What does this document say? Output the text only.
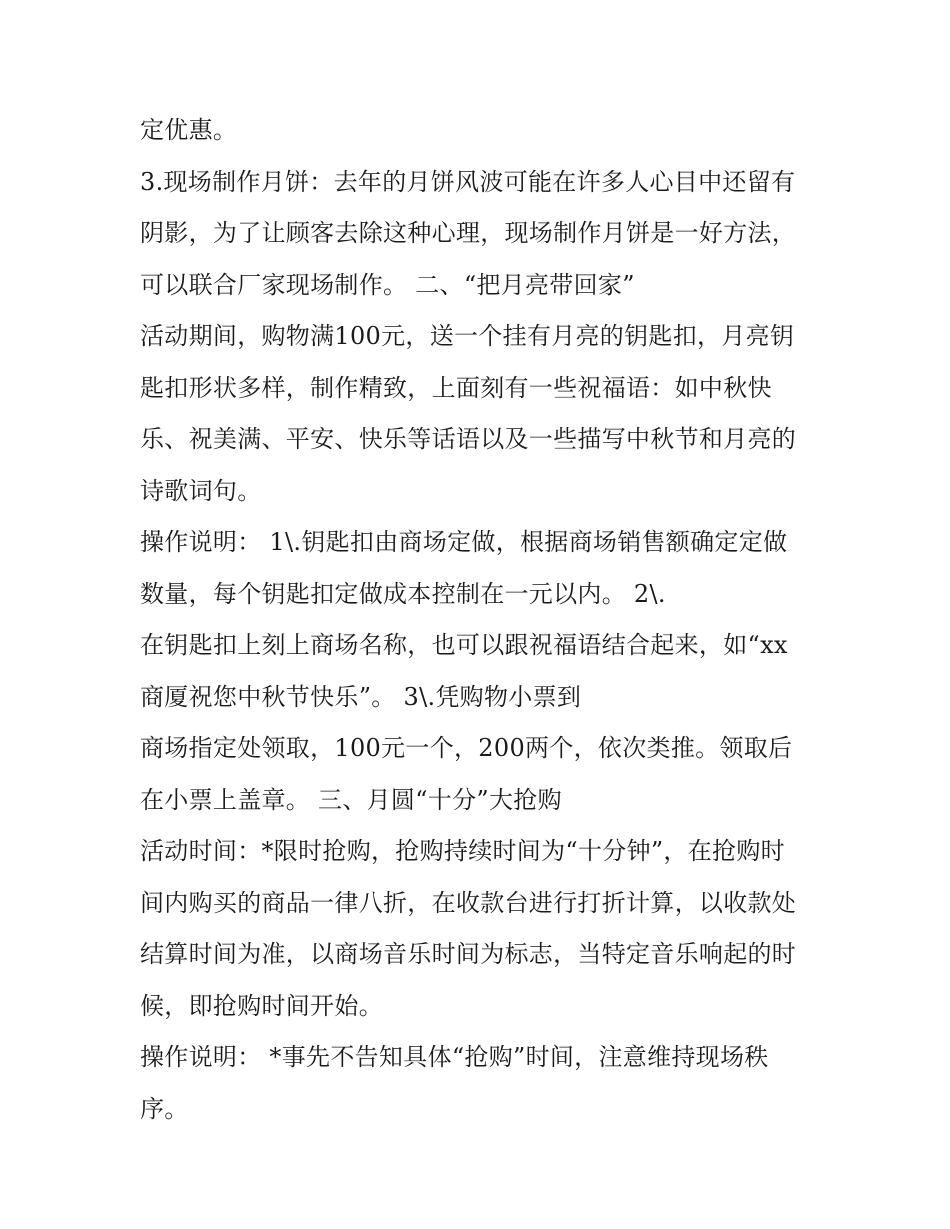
定优惠。
3.现场制作月饼：去年的月饼风波可能在许多人心目中还留有
阴影，为了让顾客去除这种心理，现场制作月饼是一好方法，
可以联合厂家现场制作。 二、“把月亮带回家”
活动期间，购物满100元，送一个挂有月亮的钥匙扣，月亮钥
匙扣形状多样，制作精致，上面刻有一些祝福语：如中秋快
乐、祝美满、平安、快乐等话语以及一些描写中秋节和月亮的
诗歌词句。
操作说明： 1\.钥匙扣由商场定做，根据商场销售额确定定做
数量，每个钥匙扣定做成本控制在一元以内。 2\.
在钥匙扣上刻上商场名称，也可以跟祝福语结合起来，如“xx
商厦祝您中秋节快乐”。 3\.凭购物小票到
商场指定处领取，100元一个，200两个，依次类推。领取后
在小票上盖章。 三、月圆“十分”大抢购
活动时间：*限时抢购，抢购持续时间为“十分钟”，在抢购时
间内购买的商品一律八折，在收款台进行打折计算，以收款处
结算时间为准，以商场音乐时间为标志，当特定音乐响起的时
候，即抢购时间开始。
操作说明： *事先不告知具体“抢购”时间，注意维持现场秩
序。
